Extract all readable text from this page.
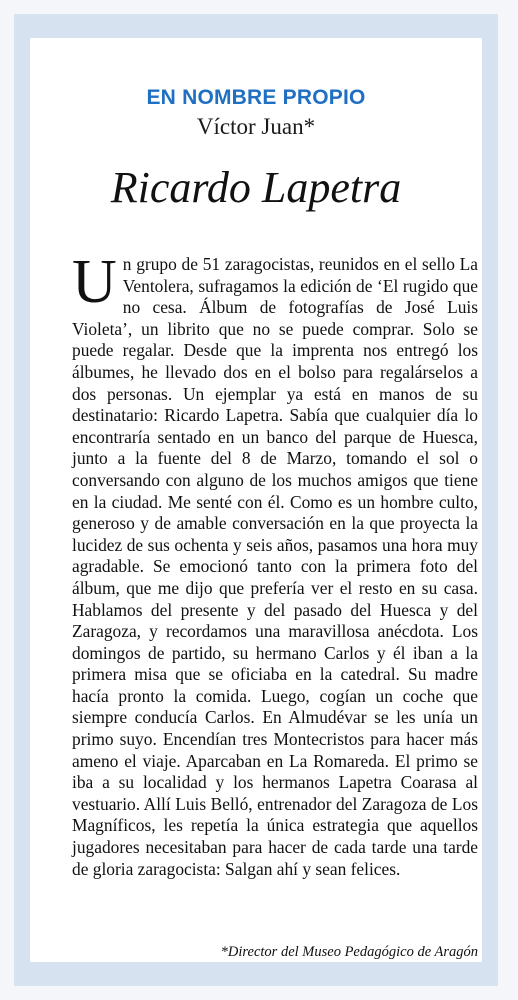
EN NOMBRE PROPIO
Víctor Juan*
Ricardo Lapetra
U n grupo de 51 zaragocistas, reunidos en el sello La Ventolera, sufragamos la edición de ‘El rugido que no cesa. Álbum de fotografías de José Luis Violeta’, un librito que no se puede comprar. Solo se puede regalar. Desde que la imprenta nos entregó los álbumes, he llevado dos en el bolso para regalárselos a dos personas. Un ejemplar ya está en manos de su destinatario: Ricardo Lapetra. Sabía que cualquier día lo encontraría sentado en un banco del parque de Huesca, junto a la fuente del 8 de Marzo, tomando el sol o conversando con alguno de los muchos amigos que tiene en la ciudad. Me senté con él. Como es un hombre culto, generoso y de amable conversación en la que proyecta la lucidez de sus ochenta y seis años, pasamos una hora muy agradable. Se emocionó tanto con la primera foto del álbum, que me dijo que prefería ver el resto en su casa. Hablamos del presente y del pasado del Huesca y del Zaragoza, y recordamos una maravillosa anécdota. Los domingos de partido, su hermano Carlos y él iban a la primera misa que se oficiaba en la catedral. Su madre hacía pronto la comida. Luego, cogían un coche que siempre conducía Carlos. En Almudévar se les unía un primo suyo. Encendían tres Montecristos para hacer más ameno el viaje. Aparcaban en La Romareda. El primo se iba a su localidad y los hermanos Lapetra Coarasa al vestuario. Allí Luis Belló, entrenador del Zaragoza de Los Magníficos, les repetía la única estrategia que aquellos jugadores necesitaban para hacer de cada tarde una tarde de gloria zaragocista: Salgan ahí y sean felices.
*Director del Museo Pedagógico de Aragón
